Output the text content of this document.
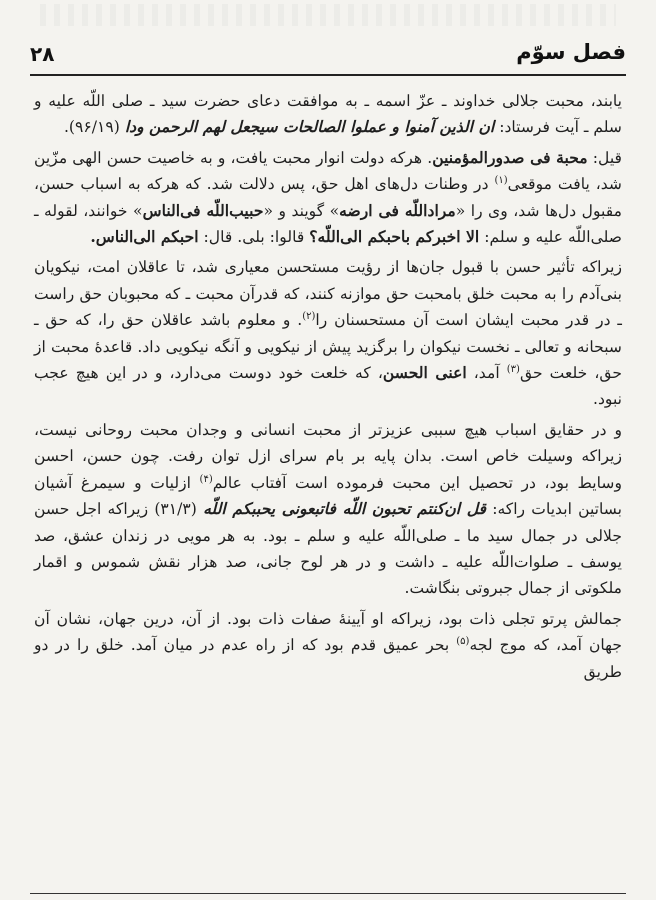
فصل سوّم
۲۸

یابند، محبت جلالی خداوند ـ عزّ اسمه ـ به موافقت دعای حضرت سید ـ صلی اللّه علیه و سلم ـ آیت فرستاد: ان الذین آمنوا و عملوا الصالحات سیجعل لهم الرحمن ودا (۹۶/۱۹).

قیل: محبة فی صدورالمؤمنین. هرکه دولت انوار محبت یافت، و به خاصیت حسن الهی مزّین شد، یافت موقعی$^{(۱)}$ در وطنات دل‌های اهل حق، پس دلالت شد. که هرکه به اسباب حسن، مقبول دل‌ها شد، وی را «مراداللّه فی ارضه» گویند و «حبیب‌اللّه فی‌الناس» خوانند، لقوله ـ صلی‌اللّه علیه و سلم: الا اخبرکم باحبکم الی‌اللّه؟ قالوا: بلی. قال: احبکم الی‌الناس.

زیراکه تأثیر حسن با قبول جان‌ها از رؤیت مستحسن معیاری شد، تا عاقلان امت، نیکویان بنی‌آدم را به محبت خلق بامحبت حق موازنه کنند، که قدرآن محبت ـ که محبوبان حق راست ـ در قدر محبت ایشان است آن مستحسنان را$^{(۲)}$. و معلوم باشد عاقلان حق را، که حق ـ سبحانه و تعالی ـ نخست نیکوان را برگزید پیش از نیکویی و آنگه نیکویی داد. قاعدهٔ محبت از حق، خلعت حق$^{(۳)}$ آمد، اعنی الحسن، که خلعت خود دوست می‌دارد، و در این هیچ عجب نبود.

و در حقایق اسباب هیچ سببی عزیزتر از محبت انسانی و وجدان محبت روحانی نیست، زیراکه وسیلت خاص است. بدان پایه بر بام سرای ازل توان رفت. چون حسن، احسن وسایط بود، در تحصیل این محبت فرموده است آفتاب عالم$^{(۴)}$ ازلیات و سیمرغ آشیان بساتین ابدیات راکه: قل ان‌کنتم تحبون اللّه فاتبعونی یحببکم اللّه (۳۱/۳) زیراکه اجل حسن جلالی در جمال سید ما ـ صلی‌اللّه علیه و سلم ـ بود. به هر مویی در زندان عشق، صد یوسف ـ صلوات‌اللّه علیه ـ داشت و در هر لوح جانی، صد هزار نقش شموس و اقمار ملکوتی از جمال جبروتی بنگاشت.

جمالش پرتو تجلی ذات بود، زیراکه او آیینهٔ صفات ذات بود. از آن، درین جهان، نشان آن جهان آمد، که موج لجه$^{(۵)}$ بحر عمیق قدم بود که از راه عدم در میان آمد. خلق را در دو طریق
